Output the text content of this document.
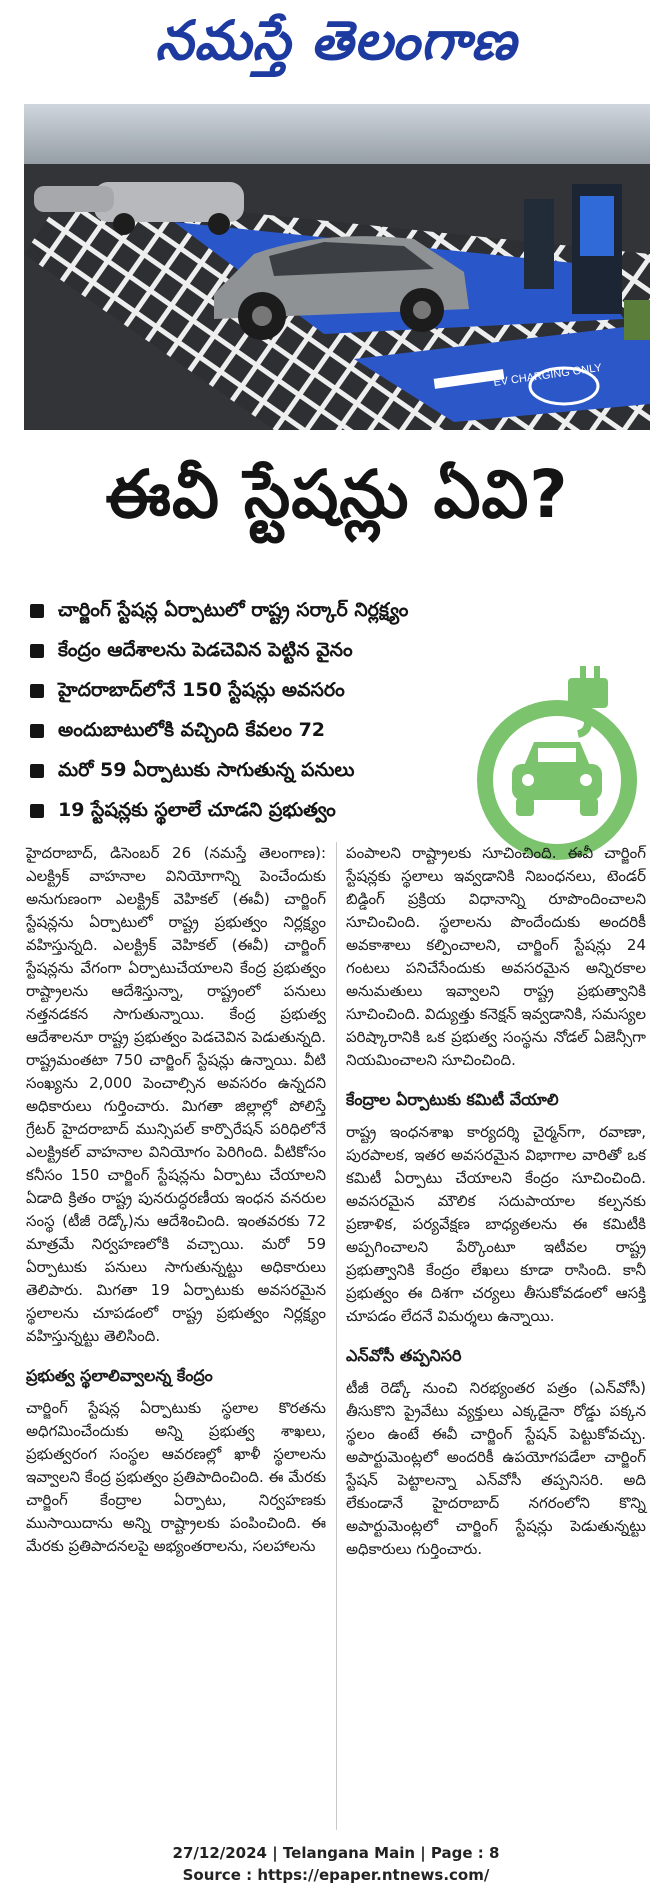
నమస్తే తెలంగాణ
EV CHARGING ONLY
ఈవీ స్టేషన్లు ఏవి?
చార్జింగ్ స్టేషన్ల ఏర్పాటులో రాష్ట్ర సర్కార్ నిర్లక్ష్యం
కేంద్రం ఆదేశాలను పెడచెవిన పెట్టిన వైనం
హైదరాబాద్‌లోనే 150 స్టేషన్లు అవసరం
అందుబాటులోకి వచ్చింది కేవలం 72
మరో 59 ఏర్పాటుకు సాగుతున్న పనులు
19 స్టేషన్లకు స్థలాలే చూడని ప్రభుత్వం

హైదరాబాద్, డిసెంబర్ 26 (నమస్తే తెలంగాణ): ఎలక్ట్రిక్ వాహనాల వినియోగాన్ని పెంచేందుకు అనుగుణంగా ఎలక్ట్రిక్ వెహికల్ (ఈవీ) చార్జింగ్ స్టేషన్లను ఏర్పాటులో రాష్ట్ర ప్రభుత్వం నిర్లక్ష్యం వహిస్తున్నది. ఎలక్ట్రిక్ వెహికల్ (ఈవీ) చార్జింగ్ స్టేషన్లను వేగంగా ఏర్పాటుచేయాలని కేంద్ర ప్రభుత్వం రాష్ట్రాలను ఆదేశిస్తున్నా, రాష్ట్రంలో పనులు నత్తనడకన సాగుతున్నాయి. కేంద్ర ప్రభుత్వ ఆదేశాలనూ రాష్ట్ర ప్రభుత్వం పెడచెవిన పెడుతున్నది. రాష్ట్రమంతటా 750 చార్జింగ్ స్టేషన్లు ఉన్నాయి. వీటి సంఖ్యను 2,000 పెంచాల్సిన అవసరం ఉన్నదని అధికారులు గుర్తించారు. మిగతా జిల్లాల్లో పోలిస్తే గ్రేటర్ హైదరాబాద్ మున్సిపల్ కార్పొరేషన్ పరిధిలోనే ఎలక్ట్రికల్ వాహనాల వినియోగం పెరిగింది. వీటికోసం కనీసం 150 చార్జింగ్ స్టేషన్లను ఏర్పాటు చేయాలని ఏడాది క్రితం రాష్ట్ర పునరుద్ధరణీయ ఇంధన వనరుల సంస్థ (టీజీ రెడ్కో)ను ఆదేశించింది. ఇంతవరకు 72 మాత్రమే నిర్వహణలోకి వచ్చాయి. మరో 59 ఏర్పాటుకు పనులు సాగుతున్నట్టు అధికారులు తెలిపారు. మిగతా 19 ఏర్పాటుకు అవసరమైన స్థలాలను చూపడంలో రాష్ట్ర ప్రభుత్వం నిర్లక్ష్యం వహిస్తున్నట్టు తెలిసింది.

ప్రభుత్వ స్థలాలివ్వాలన్న కేంద్రం

చార్జింగ్ స్టేషన్ల ఏర్పాటుకు స్థలాల కొరతను అధిగమించేందుకు అన్ని ప్రభుత్వ శాఖలు, ప్రభుత్వరంగ సంస్థల ఆవరణల్లో ఖాళీ స్థలాలను ఇవ్వాలని కేంద్ర ప్రభుత్వం ప్రతిపాదించింది. ఈ మేరకు చార్జింగ్ కేంద్రాల ఏర్పాటు, నిర్వహణకు ముసాయిదాను అన్ని రాష్ట్రాలకు పంపించింది. ఈ మేరకు ప్రతిపాదనలపై అభ్యంతరాలను, సలహాలను

పంపాలని రాష్ట్రాలకు సూచించింది. ఈవీ చార్జింగ్ స్టేషన్లకు స్థలాలు ఇవ్వడానికి నిబంధనలు, టెండర్ బిడ్డింగ్ ప్రక్రియ విధానాన్ని రూపొందించాలని సూచించింది. స్థలాలను పొందేందుకు అందరికీ అవకాశాలు కల్పించాలని, చార్జింగ్ స్టేషన్లు 24 గంటలు పనిచేసేందుకు అవసరమైన అన్నిరకాల అనుమతులు ఇవ్వాలని రాష్ట్ర ప్రభుత్వానికి సూచించింది. విద్యుత్తు కనెక్షన్ ఇవ్వడానికి, సమస్యల పరిష్కారానికి ఒక ప్రభుత్వ సంస్థను నోడల్ ఏజెన్సీగా నియమించాలని సూచించింది.

కేంద్రాల ఏర్పాటుకు కమిటీ వేయాలి

రాష్ట్ర ఇంధనశాఖ కార్యదర్శి చైర్మన్‌గా, రవాణా, పురపాలక, ఇతర అవసరమైన విభాగాల వారితో ఒక కమిటీ ఏర్పాటు చేయాలని కేంద్రం సూచించింది. అవసరమైన మౌలిక సదుపాయాల కల్పనకు ప్రణాళిక, పర్యవేక్షణ బాధ్యతలను ఈ కమిటీకి అప్పగించాలని పేర్కొంటూ ఇటీవల రాష్ట్ర ప్రభుత్వానికి కేంద్రం లేఖలు కూడా రాసింది. కానీ ప్రభుత్వం ఈ దిశగా చర్యలు తీసుకోవడంలో ఆసక్తి చూపడం లేదనే విమర్శలు ఉన్నాయి.

ఎన్‌వోసీ తప్పనిసరి

టీజీ రెడ్కో నుంచి నిరభ్యంతర పత్రం (ఎన్‌వోసీ) తీసుకొని ప్రైవేటు వ్యక్తులు ఎక్కడైనా రోడ్డు పక్కన స్థలం ఉంటే ఈవీ చార్జింగ్ స్టేషన్ పెట్టుకోవచ్చు. అపార్టుమెంట్లలో అందరికీ ఉపయోగపడేలా చార్జింగ్ స్టేషన్ పెట్టాలన్నా ఎన్‌వోసీ తప్పనిసరి. అది లేకుండానే హైదరాబాద్ నగరంలోని కొన్ని అపార్టుమెంట్లలో చార్జింగ్ స్టేషన్లు పెడుతున్నట్టు అధికారులు గుర్తించారు.

27/12/2024 | Telangana Main | Page : 8
Source : https://epaper.ntnews.com/
